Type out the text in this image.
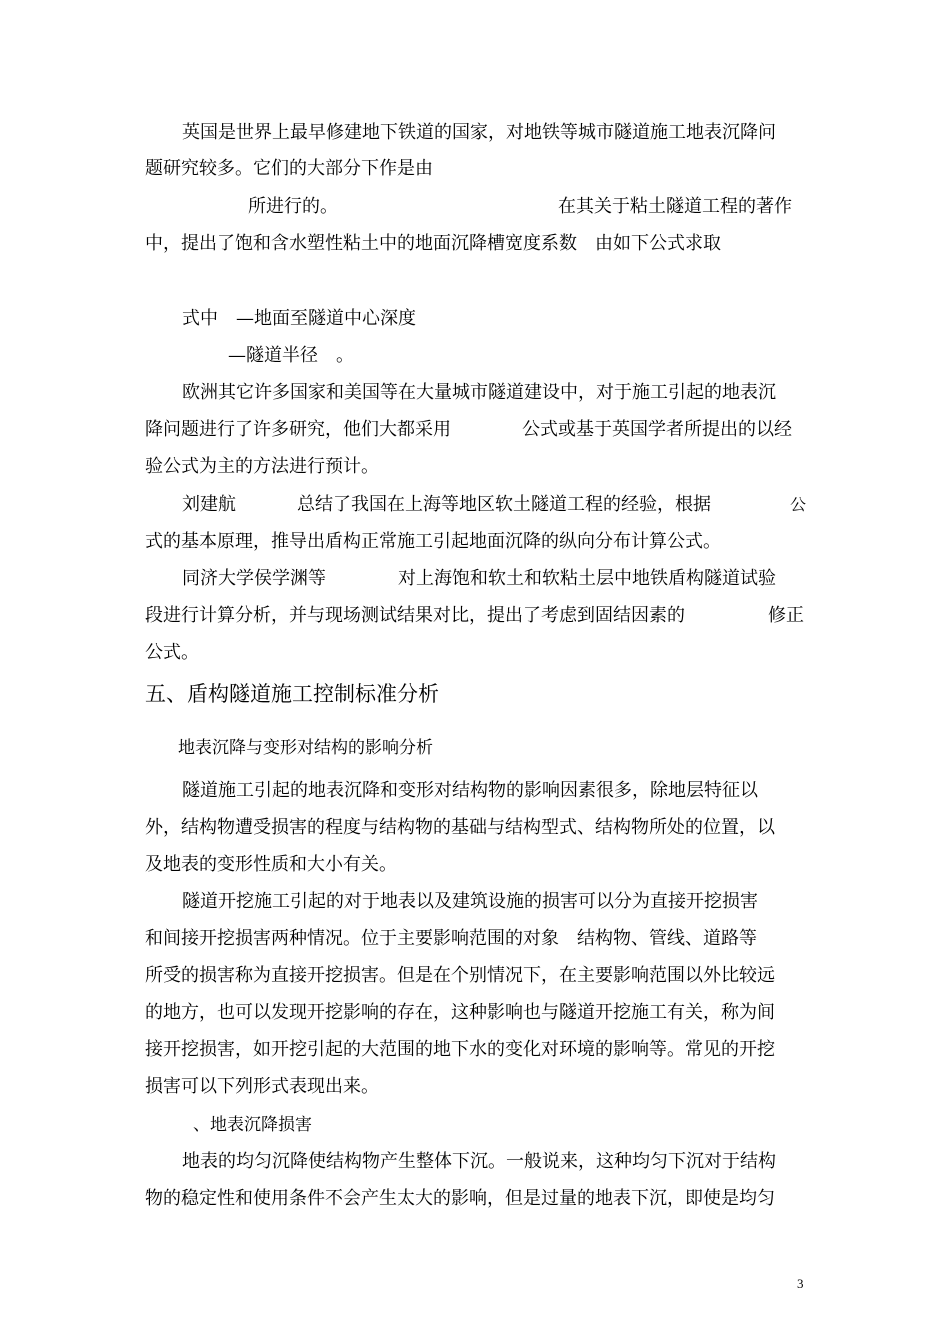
英国是世界上最早修建地下铁道的国家，对地铁等城市隧道施工地表沉降问
题研究较多。它们的大部分下作是由
所进行的。	在其关于粘土隧道工程的著作
中，提出了饱和含水塑性粘土中的地面沉降槽宽度系数　由如下公式求取
式中　—地面至隧道中心深度
—隧道半径　。
欧洲其它许多国家和美国等在大量城市隧道建设中，对于施工引起的地表沉
降问题进行了许多研究，他们大都采用	公式或基于英国学者所提出的以经
验公式为主的方法进行预计。
刘建航	总结了我国在上海等地区软土隧道工程的经验，根据	公
式的基本原理，推导出盾构正常施工引起地面沉降的纵向分布计算公式。
同济大学侯学渊等	对上海饱和软土和软粘土层中地铁盾构隧道试验
段进行计算分析，并与现场测试结果对比，提出了考虑到固结因素的	修正
公式。
五、盾构隧道施工控制标准分析
地表沉降与变形对结构的影响分析
隧道施工引起的地表沉降和变形对结构物的影响因素很多，除地层特征以
外，结构物遭受损害的程度与结构物的基础与结构型式、结构物所处的位置，以
及地表的变形性质和大小有关。
隧道开挖施工引起的对于地表以及建筑设施的损害可以分为直接开挖损害
和间接开挖损害两种情况。位于主要影响范围的对象　结构物、管线、道路等
所受的损害称为直接开挖损害。但是在个别情况下，在主要影响范围以外比较远
的地方，也可以发现开挖影响的存在，这种影响也与隧道开挖施工有关，称为间
接开挖损害，如开挖引起的大范围的地下水的变化对环境的影响等。常见的开挖
损害可以下列形式表现出来。
、地表沉降损害
地表的均匀沉降使结构物产生整体下沉。一般说来，这种均匀下沉对于结构
物的稳定性和使用条件不会产生太大的影响，但是过量的地表下沉，即使是均匀
3
